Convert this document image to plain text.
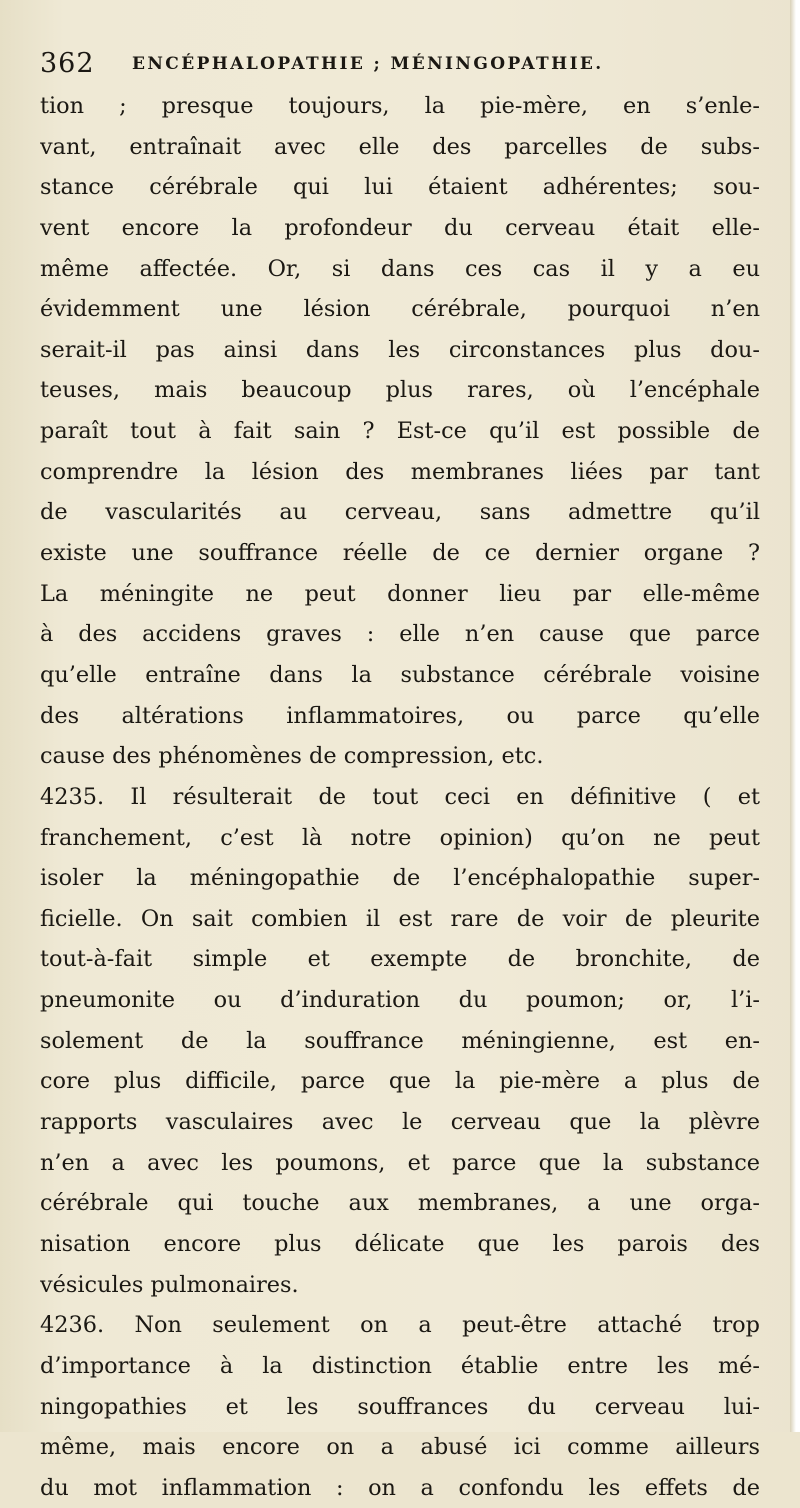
362 ENCÉPHALOPATHIE ; MÉNINGOPATHIE.
tion ; presque toujours, la pie-mère, en s’enle-
vant, entraînait avec elle des parcelles de subs-
stance cérébrale qui lui étaient adhérentes; sou-
vent encore la profondeur du cerveau était elle-
même affectée. Or, si dans ces cas il y a eu
évidemment une lésion cérébrale, pourquoi n’en
serait-il pas ainsi dans les circonstances plus dou-
teuses, mais beaucoup plus rares, où l’encéphale
paraît tout à fait sain ? Est-ce qu’il est possible de
comprendre la lésion des membranes liées par tant
de vascularités au cerveau, sans admettre qu’il
existe une souffrance réelle de ce dernier organe ?
La méningite ne peut donner lieu par elle-même
à des accidens graves : elle n’en cause que parce
qu’elle entraîne dans la substance cérébrale voisine
des altérations inflammatoires, ou parce qu’elle
cause des phénomènes de compression, etc.
4235. Il résulterait de tout ceci en définitive ( et
franchement, c’est là notre opinion) qu’on ne peut
isoler la méningopathie de l’encéphalopathie super-
ficielle. On sait combien il est rare de voir de pleurite
tout-à-fait simple et exempte de bronchite, de
pneumonite ou d’induration du poumon; or, l’i-
solement de la souffrance méningienne, est en-
core plus difficile, parce que la pie-mère a plus de
rapports vasculaires avec le cerveau que la plèvre
n’en a avec les poumons, et parce que la substance
cérébrale qui touche aux membranes, a une orga-
nisation encore plus délicate que les parois des
vésicules pulmonaires.
4236. Non seulement on a peut-être attaché trop
d’importance à la distinction établie entre les mé-
ningopathies et les souffrances du cerveau lui-
même, mais encore on a abusé ici comme ailleurs
du mot inflammation : on a confondu les effets de
